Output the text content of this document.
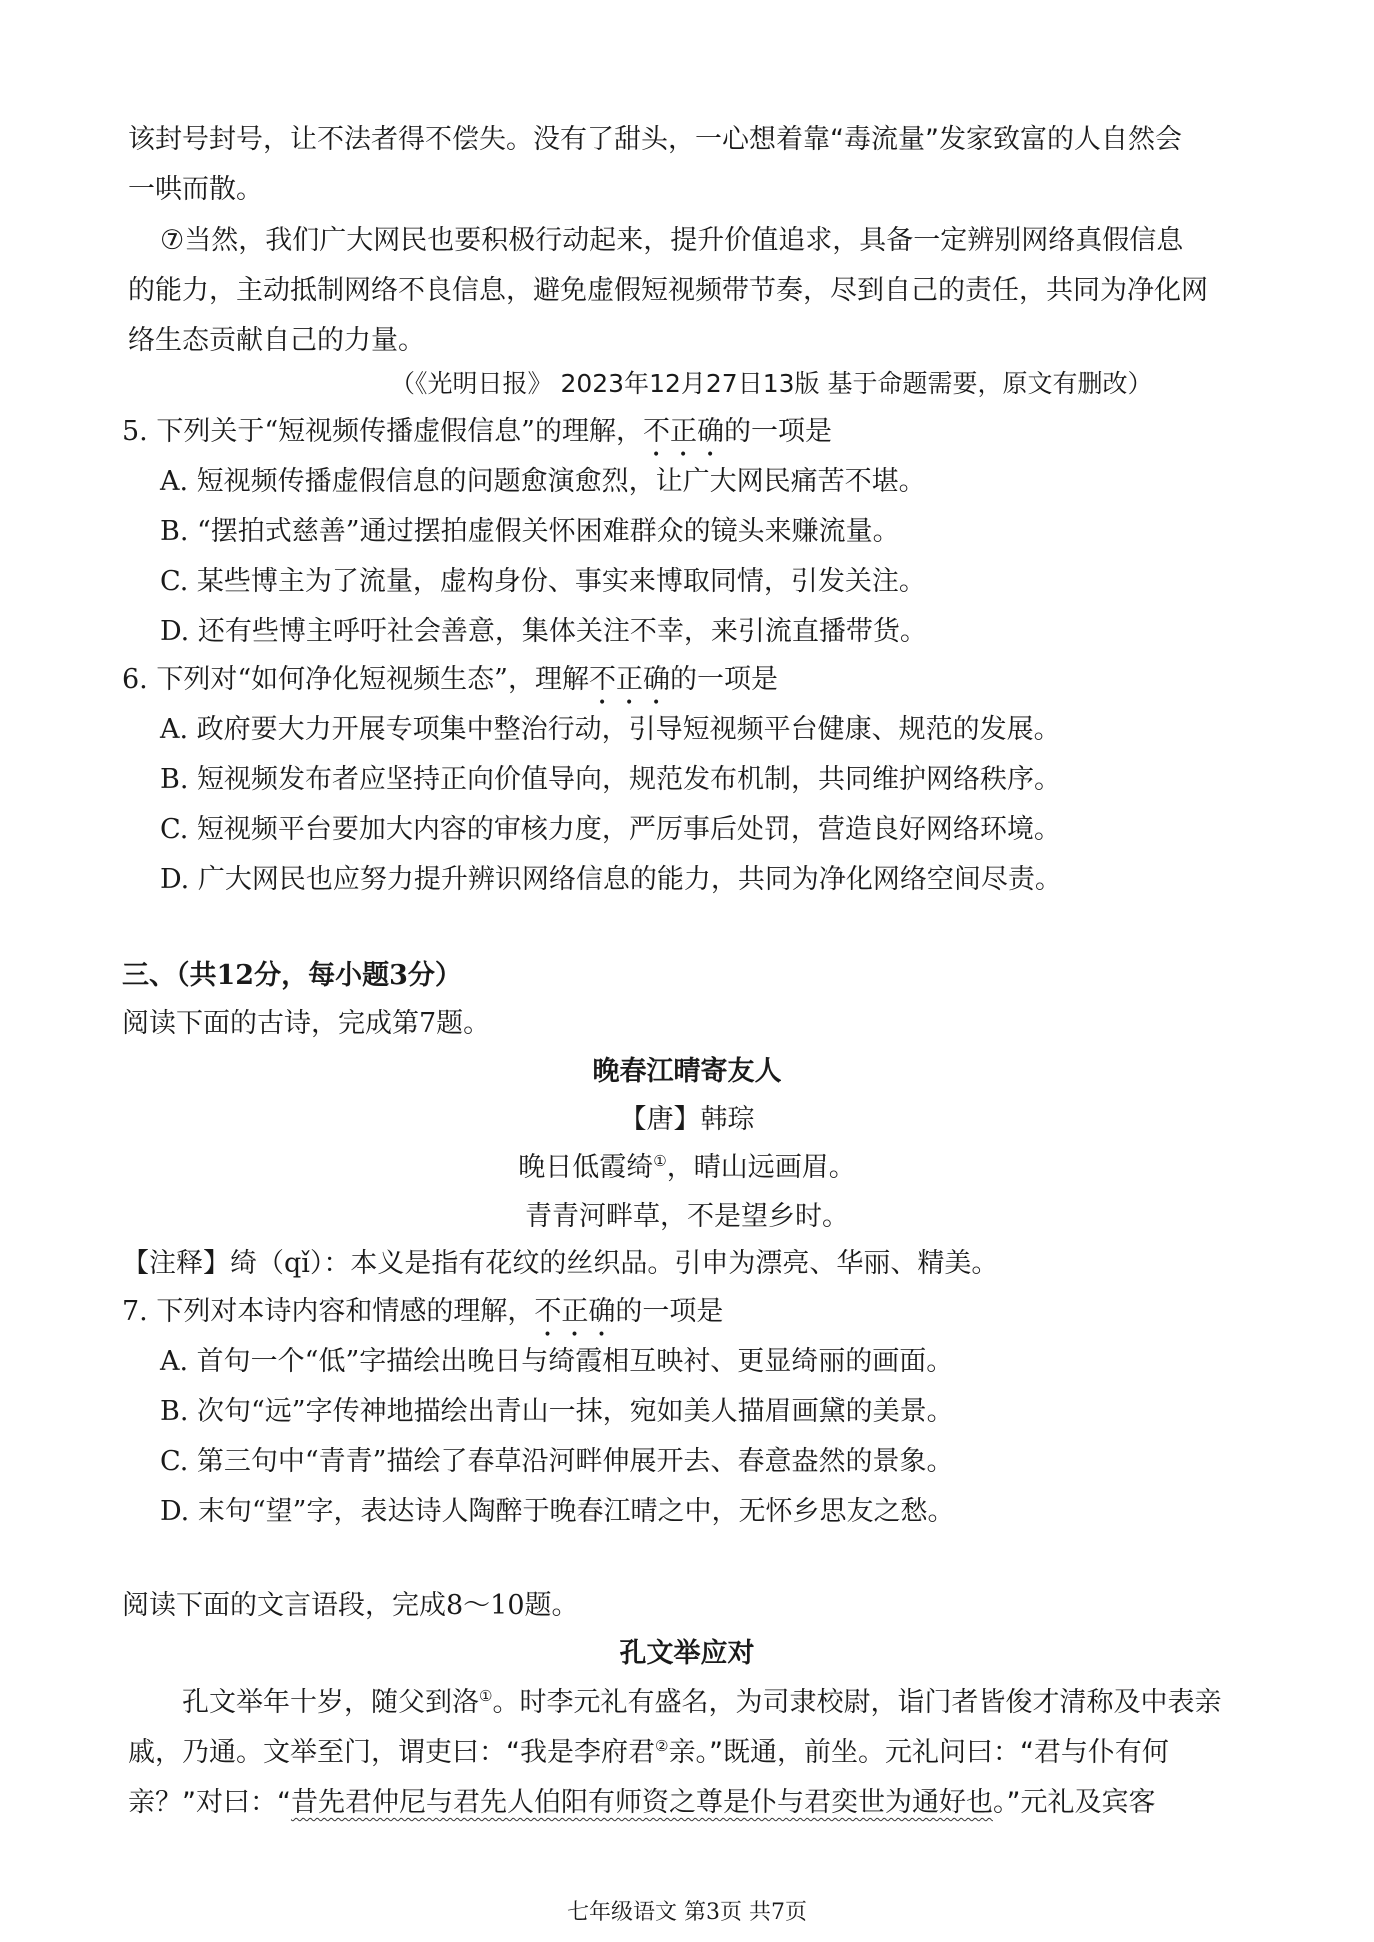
该封号封号，让不法者得不偿失。没有了甜头，一心想着靠“毒流量”发家致富的人自然会
一哄而散。
⑦当然，我们广大网民也要积极行动起来，提升价值追求，具备一定辨别网络真假信息
的能力，主动抵制网络不良信息，避免虚假短视频带节奏，尽到自己的责任，共同为净化网
络生态贡献自己的力量。
（《光明日报》 2023年12月27日13版 基于命题需要，原文有删改）
5. 下列关于“短视频传播虚假信息”的理解，不正确的一项是
A. 短视频传播虚假信息的问题愈演愈烈，让广大网民痛苦不堪。
B. “摆拍式慈善”通过摆拍虚假关怀困难群众的镜头来赚流量。
C. 某些博主为了流量，虚构身份、事实来博取同情，引发关注。
D. 还有些博主呼吁社会善意，集体关注不幸，来引流直播带货。
6. 下列对“如何净化短视频生态”，理解不正确的一项是
A. 政府要大力开展专项集中整治行动，引导短视频平台健康、规范的发展。
B. 短视频发布者应坚持正向价值导向，规范发布机制，共同维护网络秩序。
C. 短视频平台要加大内容的审核力度，严厉事后处罚，营造良好网络环境。
D. 广大网民也应努力提升辨识网络信息的能力，共同为净化网络空间尽责。
三、（共12分，每小题3分）
阅读下面的古诗，完成第7题。
晚春江晴寄友人
【唐】韩琮
晚日低霞绮①，晴山远画眉。
青青河畔草，不是望乡时。
【注释】绮（qǐ）：本义是指有花纹的丝织品。引申为漂亮、华丽、精美。
7. 下列对本诗内容和情感的理解，不正确的一项是
A. 首句一个“低”字描绘出晚日与绮霞相互映衬、更显绮丽的画面。
B. 次句“远”字传神地描绘出青山一抹，宛如美人描眉画黛的美景。
C. 第三句中“青青”描绘了春草沿河畔伸展开去、春意盎然的景象。
D. 末句“望”字，表达诗人陶醉于晚春江晴之中，无怀乡思友之愁。
阅读下面的文言语段，完成8～10题。
孔文举应对
孔文举年十岁，随父到洛①。时李元礼有盛名，为司隶校尉，诣门者皆俊才清称及中表亲
戚，乃通。文举至门，谓吏曰：“我是李府君②亲。”既通，前坐。元礼问曰：“君与仆有何
亲？”对曰：“昔先君仲尼与君先人伯阳有师资之尊是仆与君奕世为通好也。”元礼及宾客
七年级语文 第3页 共7页
